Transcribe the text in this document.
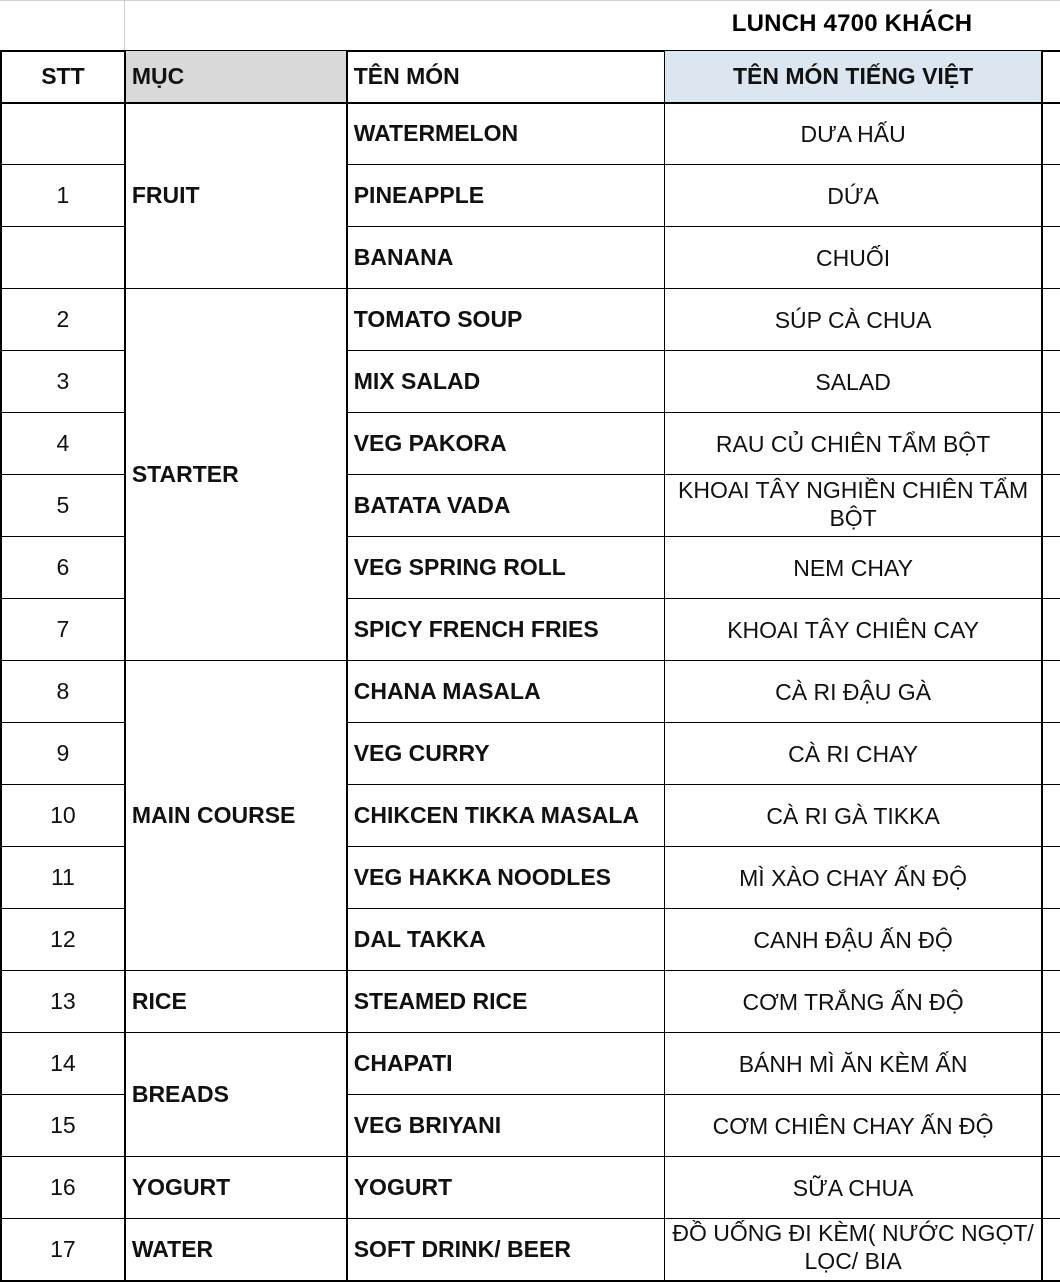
LUNCH 4700 KHÁCH
STT	MỤC	TÊN MÓN	TÊN MÓN TIẾNG VIỆT	
	FRUIT	WATERMELON	DƯA HẤU	
1		PINEAPPLE	DỨA	
		BANANA	CHUỐI	
2	STARTER	TOMATO SOUP	SÚP CÀ CHUA	
3		MIX SALAD	SALAD	
4		VEG PAKORA	RAU CỦ CHIÊN TẨM BỘT	
5		BATATA VADA	KHOAI TÂY NGHIỀN CHIÊN TẨM BỘT	

6		VEG SPRING ROLL	NEM CHAY	
7		SPICY FRENCH FRIES	KHOAI TÂY CHIÊN CAY	
8	MAIN COURSE	CHANA MASALA	CÀ RI ĐẬU GÀ	
9		VEG CURRY	CÀ RI CHAY	
10		CHIKCEN TIKKA MASALA	CÀ RI GÀ TIKKA	
11		VEG HAKKA NOODLES	MÌ XÀO CHAY ẤN ĐỘ	
12		DAL TAKKA	CANH ĐẬU ẤN ĐỘ	
13	RICE	STEAMED RICE	CƠM TRẮNG ẤN ĐỘ	
14	BREADS	CHAPATI	BÁNH MÌ ĂN KÈM ẤN	
15		VEG BRIYANI	CƠM CHIÊN CHAY ẤN ĐỘ	
16	YOGURT	YOGURT	SỮA CHUA	
17	WATER	SOFT DRINK/ BEER	ĐỒ UỐNG ĐI KÈM( NƯỚC NGỌT/ LỌC/ BIA	
